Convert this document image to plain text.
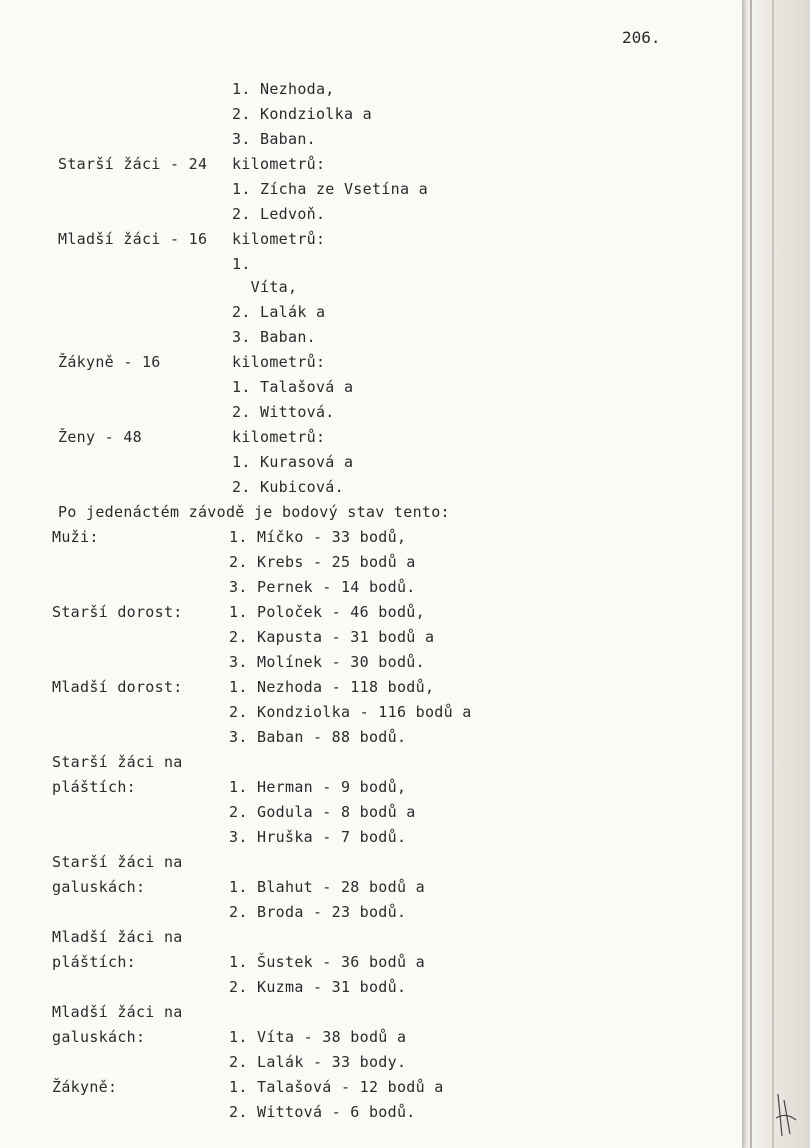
206.
1. Nezhoda,
2. Kondziolka a
3. Baban.
Starší žáci - 24 kilometrů:
1. Zícha ze Vsetína a
2. Ledvoň.
Mladší žáci - 16 kilometrů:
1.
Víta,
2. Lalák a
3. Baban.
Žákyně - 16	kilometrů:
1. Talašová a
2. Wittová.
Ženy - 48	kilometrů:
1. Kurasová a
2. Kubicová.
Po jedenáctém závodě je bodový stav tento:
Muži:	1. Míčko - 33 bodů,
2. Krebs - 25 bodů a
3. Pernek - 14 bodů.
Starší dorost:	1. Poloček - 46 bodů,
2. Kapusta - 31 bodů a
3. Molínek - 30 bodů.
Mladší dorost:	1. Nezhoda - 118 bodů,
2. Kondziolka - 116 bodů a
3. Baban - 88 bodů.
Starší žáci na
pláštích:	1. Herman - 9 bodů,
2. Godula - 8 bodů a
3. Hruška - 7 bodů.
Starší žáci na
galuskách:	1. Blahut - 28 bodů a
2. Broda - 23 bodů.
Mladší žáci na
pláštích:	1. Šustek - 36 bodů a
2. Kuzma - 31 bodů.
Mladší žáci na
galuskách:	1. Víta - 38 bodů a
2. Lalák - 33 body.
Žákyně:	1. Talašová - 12 bodů a
2. Wittová - 6 bodů.
